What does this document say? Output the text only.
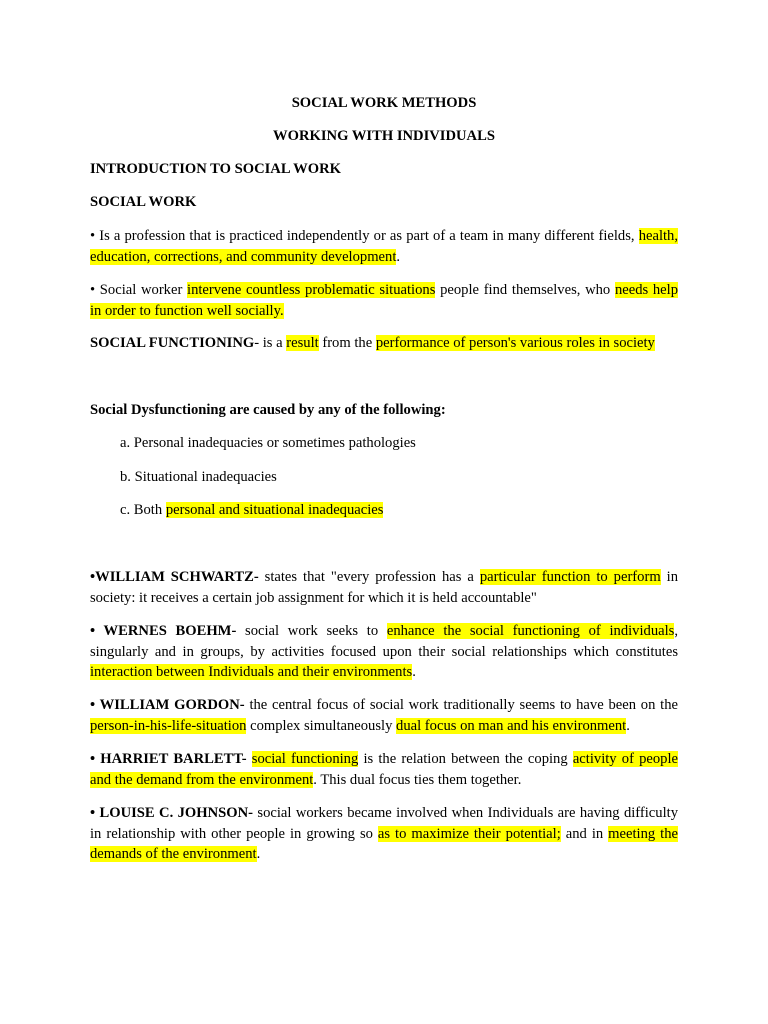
SOCIAL WORK METHODS

WORKING WITH INDIVIDUALS

INTRODUCTION TO SOCIAL WORK

SOCIAL WORK

• Is a profession that is practiced independently or as part of a team in many different fields, health, education, corrections, and community development.

• Social worker intervene countless problematic situations people find themselves, who needs help in order to function well socially.

SOCIAL FUNCTIONING- is a result from the performance of person's various roles in society

Social Dysfunctioning are caused by any of the following:

a. Personal inadequacies or sometimes pathologies

b. Situational inadequacies

c. Both personal and situational inadequacies

•WILLIAM SCHWARTZ- states that "every profession has a particular function to perform in society: it receives a certain job assignment for which it is held accountable"

• WERNES BOEHM- social work seeks to enhance the social functioning of individuals, singularly and in groups, by activities focused upon their social relationships which constitutes interaction between Individuals and their environments.

• WILLIAM GORDON- the central focus of social work traditionally seems to have been on the person-in-his-life-situation complex simultaneously dual focus on man and his environment.

• HARRIET BARLETT- social functioning is the relation between the coping activity of people and the demand from the environment. This dual focus ties them together.

• LOUISE C. JOHNSON- social workers became involved when Individuals are having difficulty in relationship with other people in growing so as to maximize their potential; and in meeting the demands of the environment.
